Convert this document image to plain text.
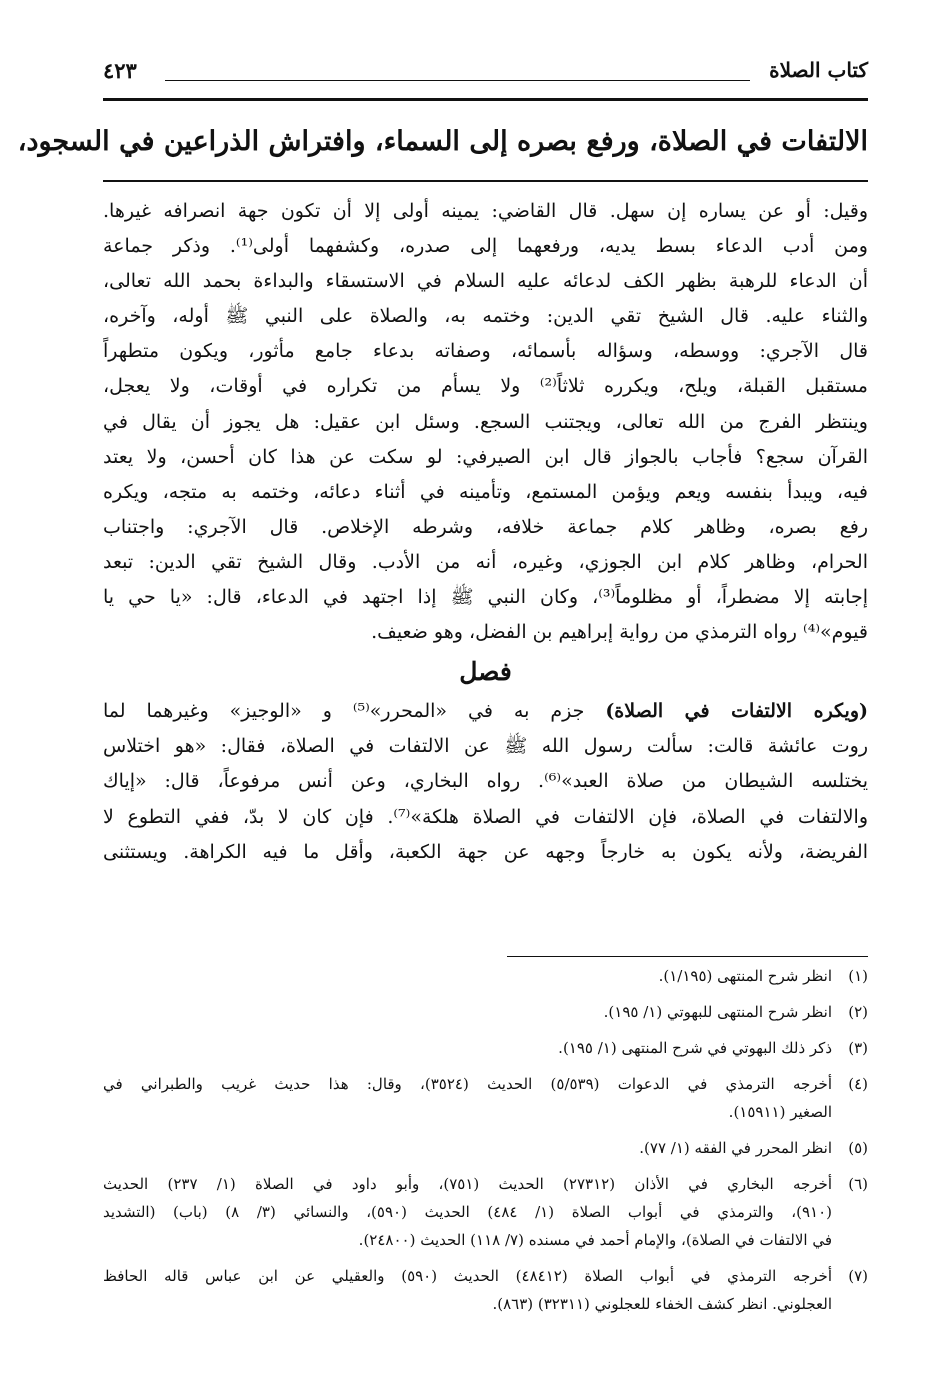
كتاب الصلاة
٤٢٣
الالتفات في الصلاة، ورفع بصره إلى السماء، وافتراش الذراعين في السجود،
وقيل: أو عن يساره إن سهل. قال القاضي: يمينه أولى إلا أن تكون جهة انصرافه غيرها.
ومن أدب الدعاء بسط يديه، ورفعهما إلى صدره، وكشفهما أولى⁽¹⁾. وذكر جماعة
أن الدعاء للرهبة بظهر الكف لدعائه عليه السلام في الاستسقاء والبداءة بحمد الله تعالى،
والثناء عليه. قال الشيخ تقي الدين: وختمه به، والصلاة على النبي ﷺ أوله، وآخره،
قال الآجري: ووسطه، وسؤاله بأسمائه، وصفاته بدعاء جامع مأثور، ويكون متطهراً
مستقبل القبلة، ويلح، ويكرره ثلاثاً⁽²⁾ ولا يسأم من تكراره في أوقات، ولا يعجل،
وينتظر الفرج من الله تعالى، ويجتنب السجع. وسئل ابن عقيل: هل يجوز أن يقال في
القرآن سجع؟ فأجاب بالجواز قال ابن الصيرفي: لو سكت عن هذا كان أحسن، ولا يعتد
فيه، ويبدأ بنفسه ويعم ويؤمن المستمع، وتأمينه في أثناء دعائه، وختمه به متجه، ويكره
رفع بصره، وظاهر كلام جماعة خلافه، وشرطه الإخلاص. قال الآجري: واجتناب
الحرام، وظاهر كلام ابن الجوزي، وغيره، أنه من الأدب. وقال الشيخ تقي الدين: تبعد
إجابته إلا مضطراً، أو مظلوماً⁽³⁾، وكان النبي ﷺ إذا اجتهد في الدعاء، قال: «يا حي يا
قيوم»⁽⁴⁾ رواه الترمذي من رواية إبراهيم بن الفضل، وهو ضعيف.
فصل
(ويكره الالتفات في الصلاة) جزم به في «المحرر»⁽⁵⁾ و «الوجيز» وغيرهما لما
روت عائشة قالت: سألت رسول الله ﷺ عن الالتفات في الصلاة، فقال: «هو اختلاس
يختلسه الشيطان من صلاة العبد»⁽⁶⁾. رواه البخاري، وعن أنس مرفوعاً، قال: «إياك
والالتفات في الصلاة، فإن الالتفات في الصلاة هلكة»⁽⁷⁾. فإن كان لا بدّ، ففي التطوع لا
الفريضة، ولأنه يكون به خارجاً وجهه عن جهة الكعبة، وأقل ما فيه الكراهة. ويستثنى
(١)
انظر شرح المنتهى (١/١٩٥).
(٢)
انظر شرح المنتهى للبهوتي (١/ ١٩٥).
(٣)
ذكر ذلك البهوتي في شرح المنتهى (١/ ١٩٥).
(٤)
أخرجه الترمذي في الدعوات (٥/٥٣٩) الحديث (٣٥٢٤)، وقال: هذا حديث غريب والطبراني في
الصغير (١٥٩١١).
(٥)
انظر المحرر في الفقه (١/ ٧٧).
(٦)
أخرجه البخاري في الأذان (٢٧٣١٢) الحديث (٧٥١)، وأبو داود في الصلاة (١/ ٢٣٧) الحديث
(٩١٠)، والترمذي في أبواب الصلاة (١/ ٤٨٤) الحديث (٥٩٠)، والنسائي (٣/ ٨) (باب) (التشديد
في الالتفات في الصلاة)، والإمام أحمد في مسنده (٧/ ١١٨) الحديث (٢٤٨٠٠).
(٧)
أخرجه الترمذي في أبواب الصلاة (٤٨٤١٢) الحديث (٥٩٠) والعقيلي عن ابن عباس قاله الحافظ
العجلوني. انظر كشف الخفاء للعجلوني (٣٢٣١١) (٨٦٣).
